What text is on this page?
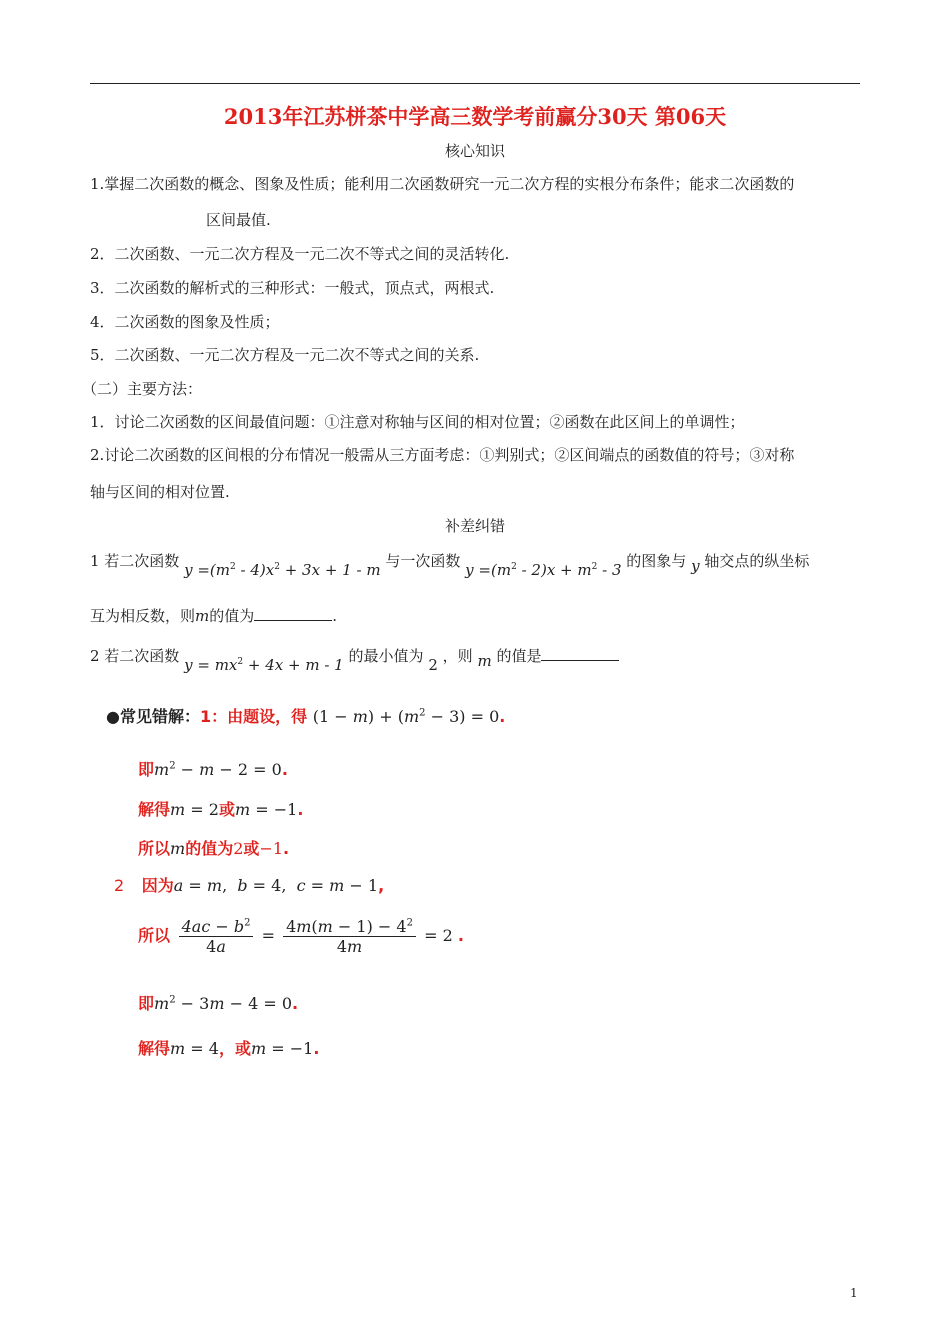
2013年江苏栟茶中学高三数学考前赢分30天 第06天
核心知识
1.掌握二次函数的概念、图象及性质；能利用二次函数研究一元二次方程的实根分布条件；能求二次函数的
区间最值.
2．二次函数、一元二次方程及一元二次不等式之间的灵活转化.
3．二次函数的解析式的三种形式：一般式，顶点式，两根式.
4．二次函数的图象及性质；
5．二次函数、一元二次方程及一元二次不等式之间的关系.
（二）主要方法：
1．讨论二次函数的区间最值问题：①注意对称轴与区间的相对位置；②函数在此区间上的单调性；
2.讨论二次函数的区间根的分布情况一般需从三方面考虑：①判别式；②区间端点的函数值的符号；③对称
轴与区间的相对位置.
补差纠错
1 若二次函数 $y =(m^2 - 4)x^2 + 3x + 1 - m$ 与一次函数 $y =(m^2 - 2)x + m^2 - 3$ 的图象与 y 轴交点的纵坐标
互为相反数，则m的值为	.
2 若二次函数 $y = mx^2 + 4x + m - 1$ 的最小值为 2 ，则 m 的值是
●常见错解：1：由题设，得 $(1 - m) + (m^2 - 3) = 0$.
即$m^2 - m - 2 = 0$.
解得m = 2或m = −1.
所以m的值为2或−1.
2 因为a = m,  b = 4,  c = m − 1,
所以 $\frac{4ac - b^2}{4a} = \frac{4m(m - 1) - 4^2}{4m} = 2$ .
即$m^2 - 3m - 4 = 0$.
解得m = 4，或m = −1.
1
